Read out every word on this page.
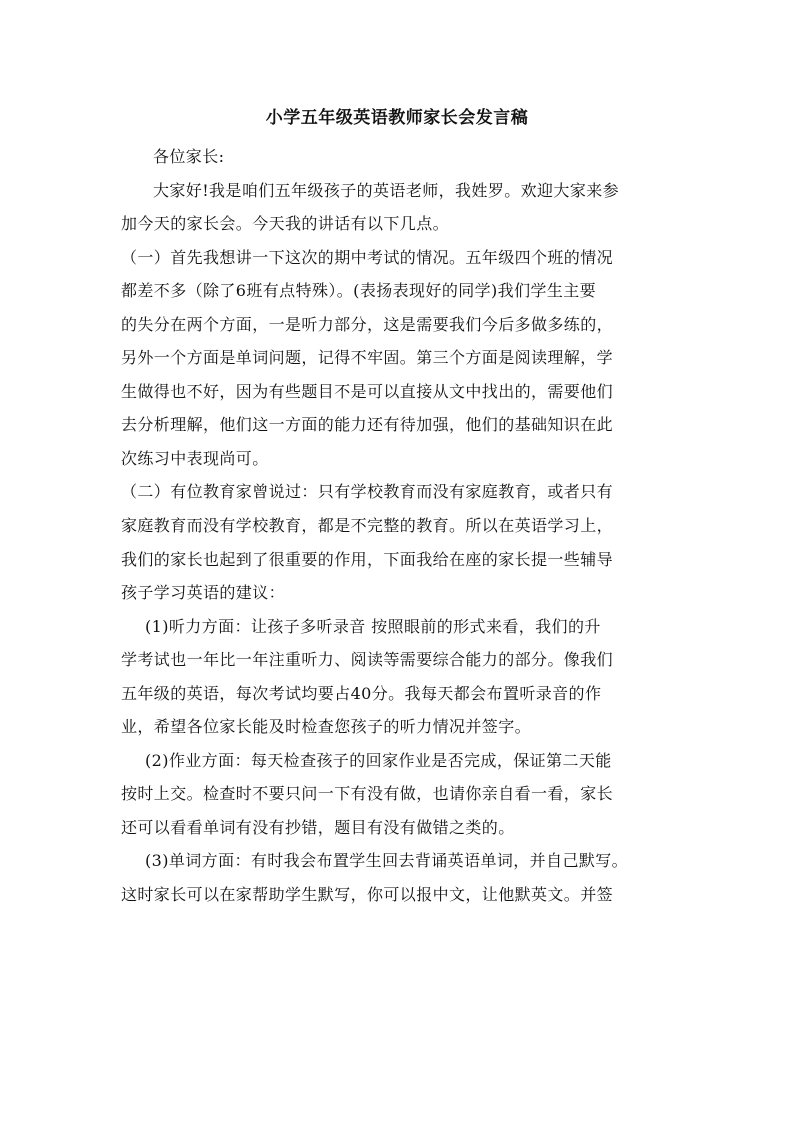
小学五年级英语教师家长会发言稿
各位家长:
大家好!我是咱们五年级孩子的英语老师，我姓罗。欢迎大家来参
加今天的家长会。今天我的讲话有以下几点。
（一）首先我想讲一下这次的期中考试的情况。五年级四个班的情况
都差不多（除了6班有点特殊）。(表扬表现好的同学)我们学生主要
的失分在两个方面，一是听力部分，这是需要我们今后多做多练的，
另外一个方面是单词问题，记得不牢固。第三个方面是阅读理解，学
生做得也不好，因为有些题目不是可以直接从文中找出的，需要他们
去分析理解，他们这一方面的能力还有待加强，他们的基础知识在此
次练习中表现尚可。
（二）有位教育家曾说过：只有学校教育而没有家庭教育，或者只有
家庭教育而没有学校教育，都是不完整的教育。所以在英语学习上，
我们的家长也起到了很重要的作用，下面我给在座的家长提一些辅导
孩子学习英语的建议：
(1)听力方面：让孩子多听录音 按照眼前的形式来看，我们的升
学考试也一年比一年注重听力、阅读等需要综合能力的部分。像我们
五年级的英语，每次考试均要占40分。我每天都会布置听录音的作
业，希望各位家长能及时检查您孩子的听力情况并签字。
(2)作业方面：每天检查孩子的回家作业是否完成，保证第二天能
按时上交。检查时不要只问一下有没有做，也请你亲自看一看，家长
还可以看看单词有没有抄错，题目有没有做错之类的。
(3)单词方面：有时我会布置学生回去背诵英语单词，并自己默写。
这时家长可以在家帮助学生默写，你可以报中文，让他默英文。并签
